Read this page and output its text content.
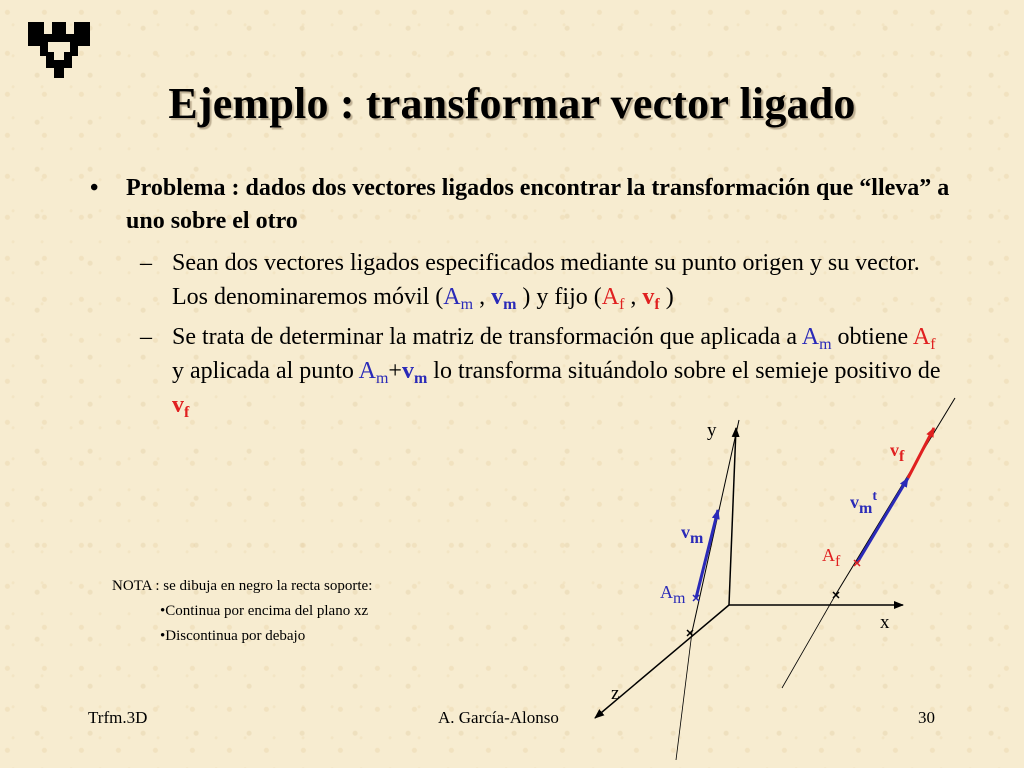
Ejemplo : transformar vector ligado
• Problema : dados dos vectores ligados encontrar la transformación que “lleva” a uno sobre el otro
– Sean dos vectores ligados especificados mediante su punto origen y su vector. Los denominaremos móvil ($A_m$ , $v_m$ ) y fijo ($A_f$ , $v_f$ )
– Se trata de determinar la matriz de transformación que aplicada a $A_m$ obtiene $A_f$ y aplicada al punto $A_m+v_m$ lo transforma situándolo sobre el semieje positivo de $v_f$
y
x
z
$v_m$
$A_m$
$v_f$
$v_m^t$
$A_f$
NOTA : se dibuja en negro la recta soporte:
•Continua por encima del plano xz
•Discontinua por debajo
Trfm.3D	A. García-Alonso	30
